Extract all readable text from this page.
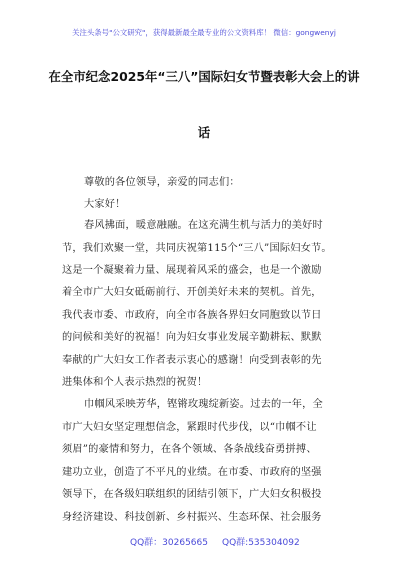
关注头条号"公文研究"，获得最新最全最专业的公文资料库！ 微信：gongwenyj
在全市纪念2025年“三八”国际妇女节暨表彰大会上的讲
话
尊敬的各位领导，亲爱的同志们：
大家好！
春风拂面，暖意融融。在这充满生机与活力的美好时
节，我们欢聚一堂，共同庆祝第115个“三八”国际妇女节。
这是一个凝聚着力量、展现着风采的盛会，也是一个激励
着全市广大妇女砥砺前行、开创美好未来的契机。首先，
我代表市委、市政府，向全市各族各界妇女同胞致以节日
的问候和美好的祝福！向为妇女事业发展辛勤耕耘、默默
奉献的广大妇女工作者表示衷心的感谢！向受到表彰的先
进集体和个人表示热烈的祝贺！
巾帼风采映芳华，铿锵玫瑰绽新姿。过去的一年，全
市广大妇女坚定理想信念，紧跟时代步伐，以“巾帼不让
须眉”的豪情和努力，在各个领域、各条战线奋勇拼搏、
建功立业，创造了不平凡的业绩。在市委、市政府的坚强
领导下，在各级妇联组织的团结引领下，广大妇女积极投
身经济建设、科技创新、乡村振兴、生态环保、社会服务
QQ群：30265665 QQ群:535304092
